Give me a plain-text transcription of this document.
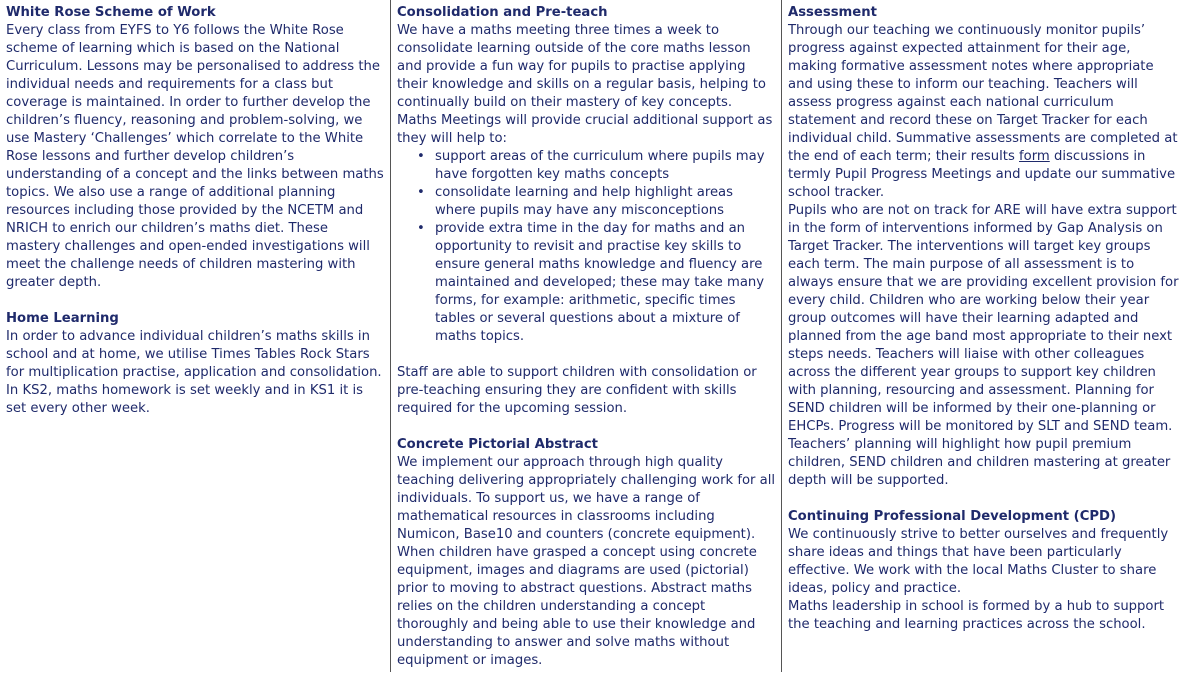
White Rose Scheme of Work

Every class from EYFS to Y6 follows the White Rose scheme of learning which is based on the National Curriculum. Lessons may be personalised to address the individual needs and requirements for a class but coverage is maintained. In order to further develop the children’s fluency, reasoning and problem-solving, we use Mastery ‘Challenges’ which correlate to the White Rose lessons and further develop children’s understanding of a concept and the links between maths topics. We also use a range of additional planning resources including those provided by the NCETM and NRICH to enrich our children’s maths diet. These mastery challenges and open-ended investigations will meet the challenge needs of children mastering with greater depth.

Home Learning

In order to advance individual children’s maths skills in school and at home, we utilise Times Tables Rock Stars for multiplication practise, application and consolidation. In KS2, maths homework is set weekly and in KS1 it is set every other week.

Consolidation and Pre-teach

We have a maths meeting three times a week to consolidate learning outside of the core maths lesson and provide a fun way for pupils to practise applying their knowledge and skills on a regular basis, helping to continually build on their mastery of key concepts.

Maths Meetings will provide crucial additional support as they will help to:

• support areas of the curriculum where pupils may have forgotten key maths concepts
• consolidate learning and help highlight areas where pupils may have any misconceptions
• provide extra time in the day for maths and an opportunity to revisit and practise key skills to ensure general maths knowledge and fluency are maintained and developed; these may take many forms, for example: arithmetic, specific times tables or several questions about a mixture of maths topics.

Staff are able to support children with consolidation or pre-teaching ensuring they are confident with skills required for the upcoming session.

Concrete Pictorial Abstract

We implement our approach through high quality teaching delivering appropriately challenging work for all individuals. To support us, we have a range of mathematical resources in classrooms including Numicon, Base10 and counters (concrete equipment). When children have grasped a concept using concrete equipment, images and diagrams are used (pictorial) prior to moving to abstract questions. Abstract maths relies on the children understanding a concept thoroughly and being able to use their knowledge and understanding to answer and solve maths without equipment or images.

Assessment

Through our teaching we continuously monitor pupils’ progress against expected attainment for their age, making formative assessment notes where appropriate and using these to inform our teaching. Teachers will assess progress against each national curriculum statement and record these on Target Tracker for each individual child. Summative assessments are completed at the end of each term; their results form discussions in termly Pupil Progress Meetings and update our summative school tracker.

Pupils who are not on track for ARE will have extra support in the form of interventions informed by Gap Analysis on Target Tracker. The interventions will target key groups each term. The main purpose of all assessment is to always ensure that we are providing excellent provision for every child. Children who are working below their year group outcomes will have their learning adapted and planned from the age band most appropriate to their next steps needs. Teachers will liaise with other colleagues across the different year groups to support key children with planning, resourcing and assessment. Planning for SEND children will be informed by their one-planning or EHCPs. Progress will be monitored by SLT and SEND team.

Teachers’ planning will highlight how pupil premium children, SEND children and children mastering at greater depth will be supported.

Continuing Professional Development (CPD)

We continuously strive to better ourselves and frequently share ideas and things that have been particularly effective. We work with the local Maths Cluster to share ideas, policy and practice.

Maths leadership in school is formed by a hub to support the teaching and learning practices across the school.
